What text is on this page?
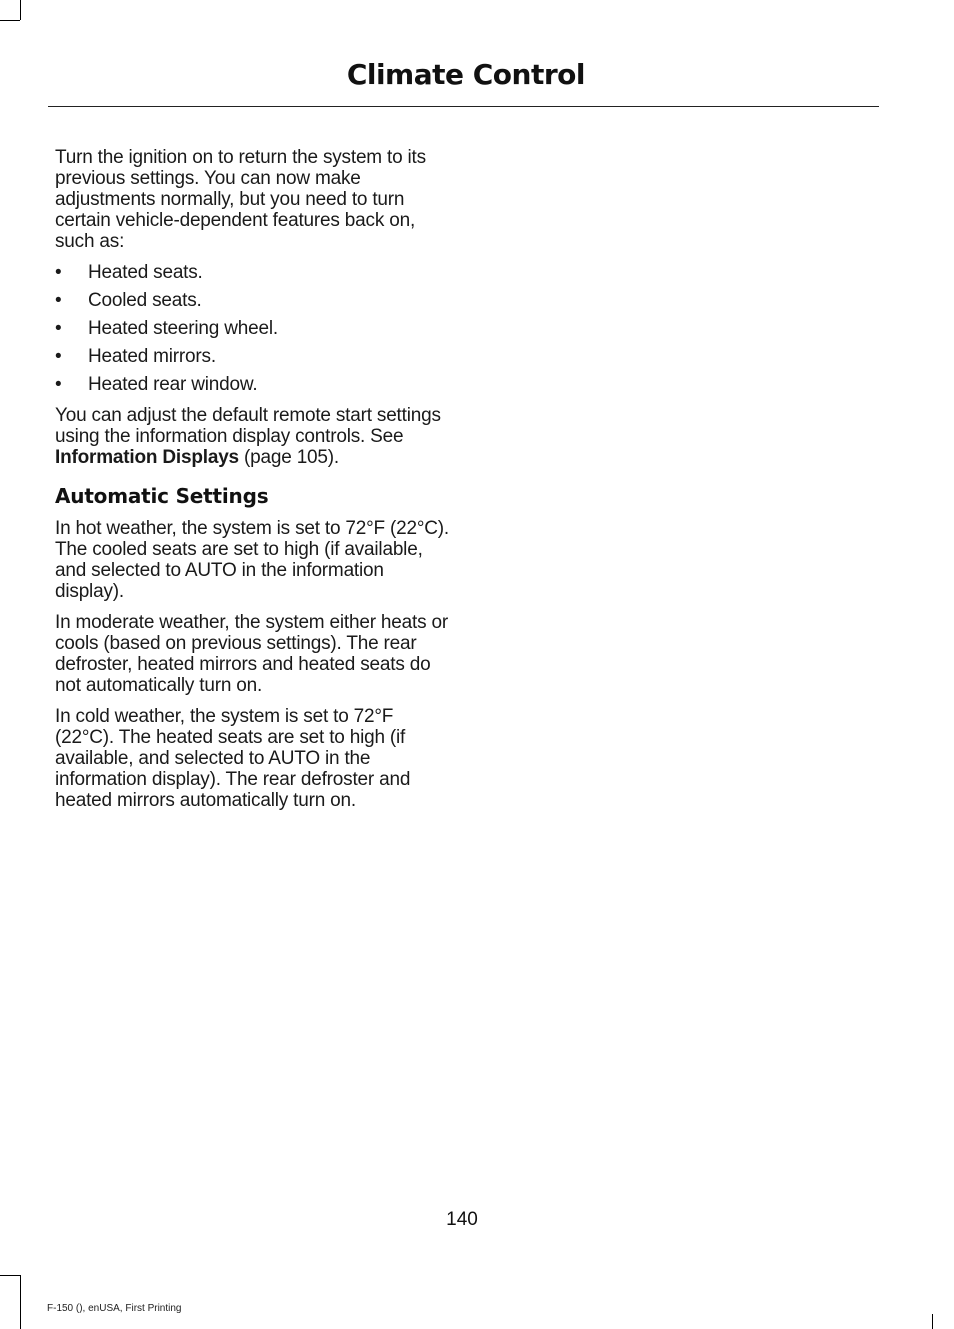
Climate Control

Turn the ignition on to return the system to its previous settings. You can now make adjustments normally, but you need to turn certain vehicle-dependent features back on, such as:

• Heated seats.
• Cooled seats.
• Heated steering wheel.
• Heated mirrors.
• Heated rear window.

You can adjust the default remote start settings using the information display controls. See Information Displays (page 105).

Automatic Settings

In hot weather, the system is set to 72°F (22°C). The cooled seats are set to high (if available, and selected to AUTO in the information display).

In moderate weather, the system either heats or cools (based on previous settings). The rear defroster, heated mirrors and heated seats do not automatically turn on.

In cold weather, the system is set to 72°F (22°C). The heated seats are set to high (if available, and selected to AUTO in the information display). The rear defroster and heated mirrors automatically turn on.

140
F-150 (), enUSA, First Printing
